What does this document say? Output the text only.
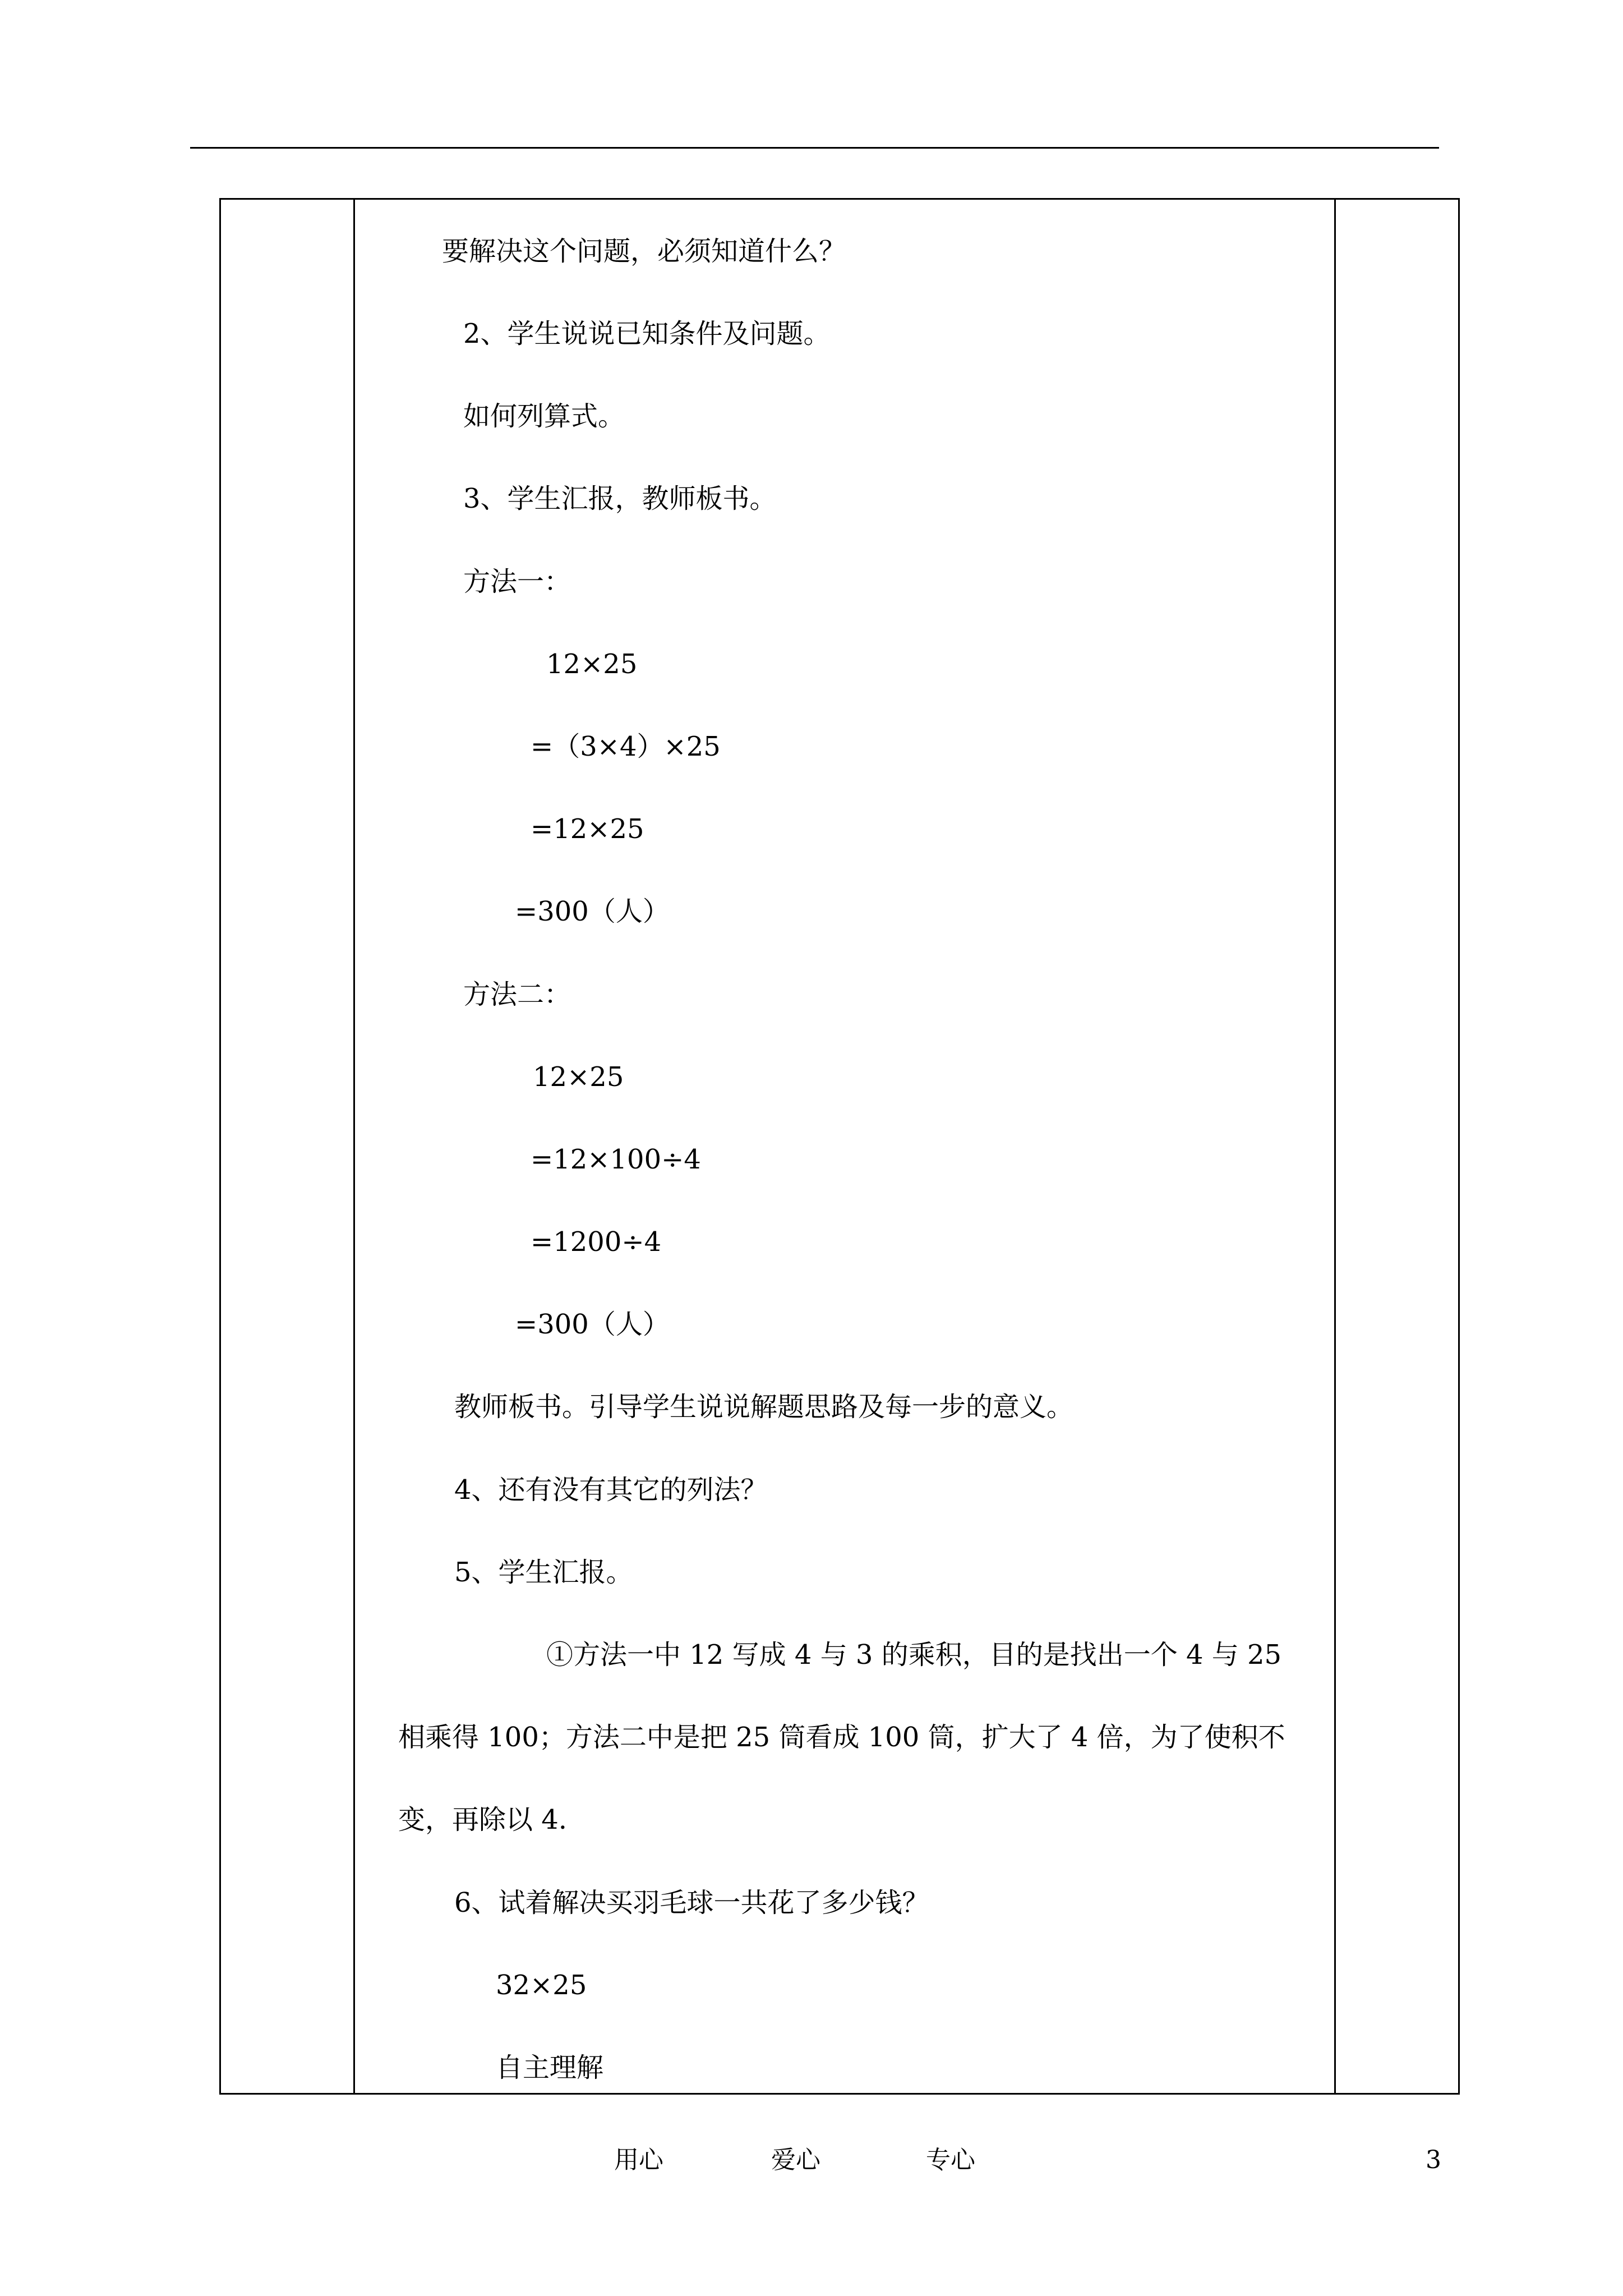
要解决这个问题，必须知道什么？
2、学生说说已知条件及问题。
如何列算式。
3、学生汇报，教师板书。
方法一：
12×25
=（3×4）×25
=12×25
=300（人）
方法二：
12×25
=12×100÷4
=1200÷4
=300（人）
教师板书。引导学生说说解题思路及每一步的意义。
4、还有没有其它的列法？
5、学生汇报。
①方法一中 12 写成 4 与 3 的乘积，目的是找出一个 4 与 25
相乘得 100；方法二中是把 25 筒看成 100 筒，扩大了 4 倍，为了使积不
变，再除以 4.
6、试着解决买羽毛球一共花了多少钱？
32×25
自主理解
用心	爱心	专心	3
